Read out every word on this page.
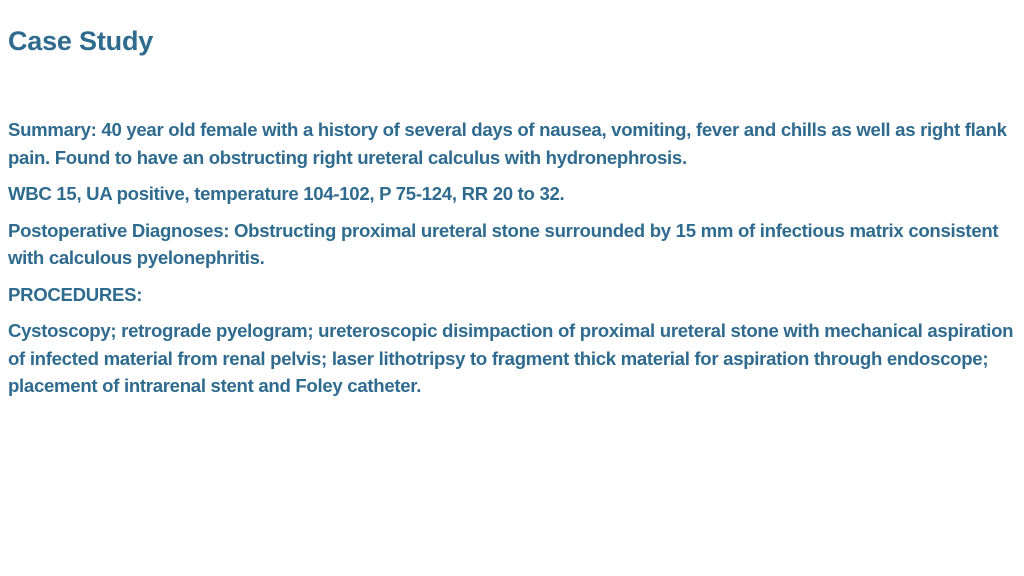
Case Study

Summary: 40 year old female with a history of several days of nausea, vomiting, fever and chills as well as right flank pain. Found to have an obstructing right ureteral calculus with hydronephrosis.

WBC 15, UA positive, temperature 104-102, P 75-124, RR 20 to 32.

Postoperative Diagnoses: Obstructing proximal ureteral stone surrounded by 15 mm of infectious matrix consistent with calculous pyelonephritis.

PROCEDURES:

Cystoscopy; retrograde pyelogram; ureteroscopic disimpaction of proximal ureteral stone with mechanical aspiration of infected material from renal pelvis; laser lithotripsy to fragment thick material for aspiration through endoscope; placement of intrarenal stent and Foley catheter.
